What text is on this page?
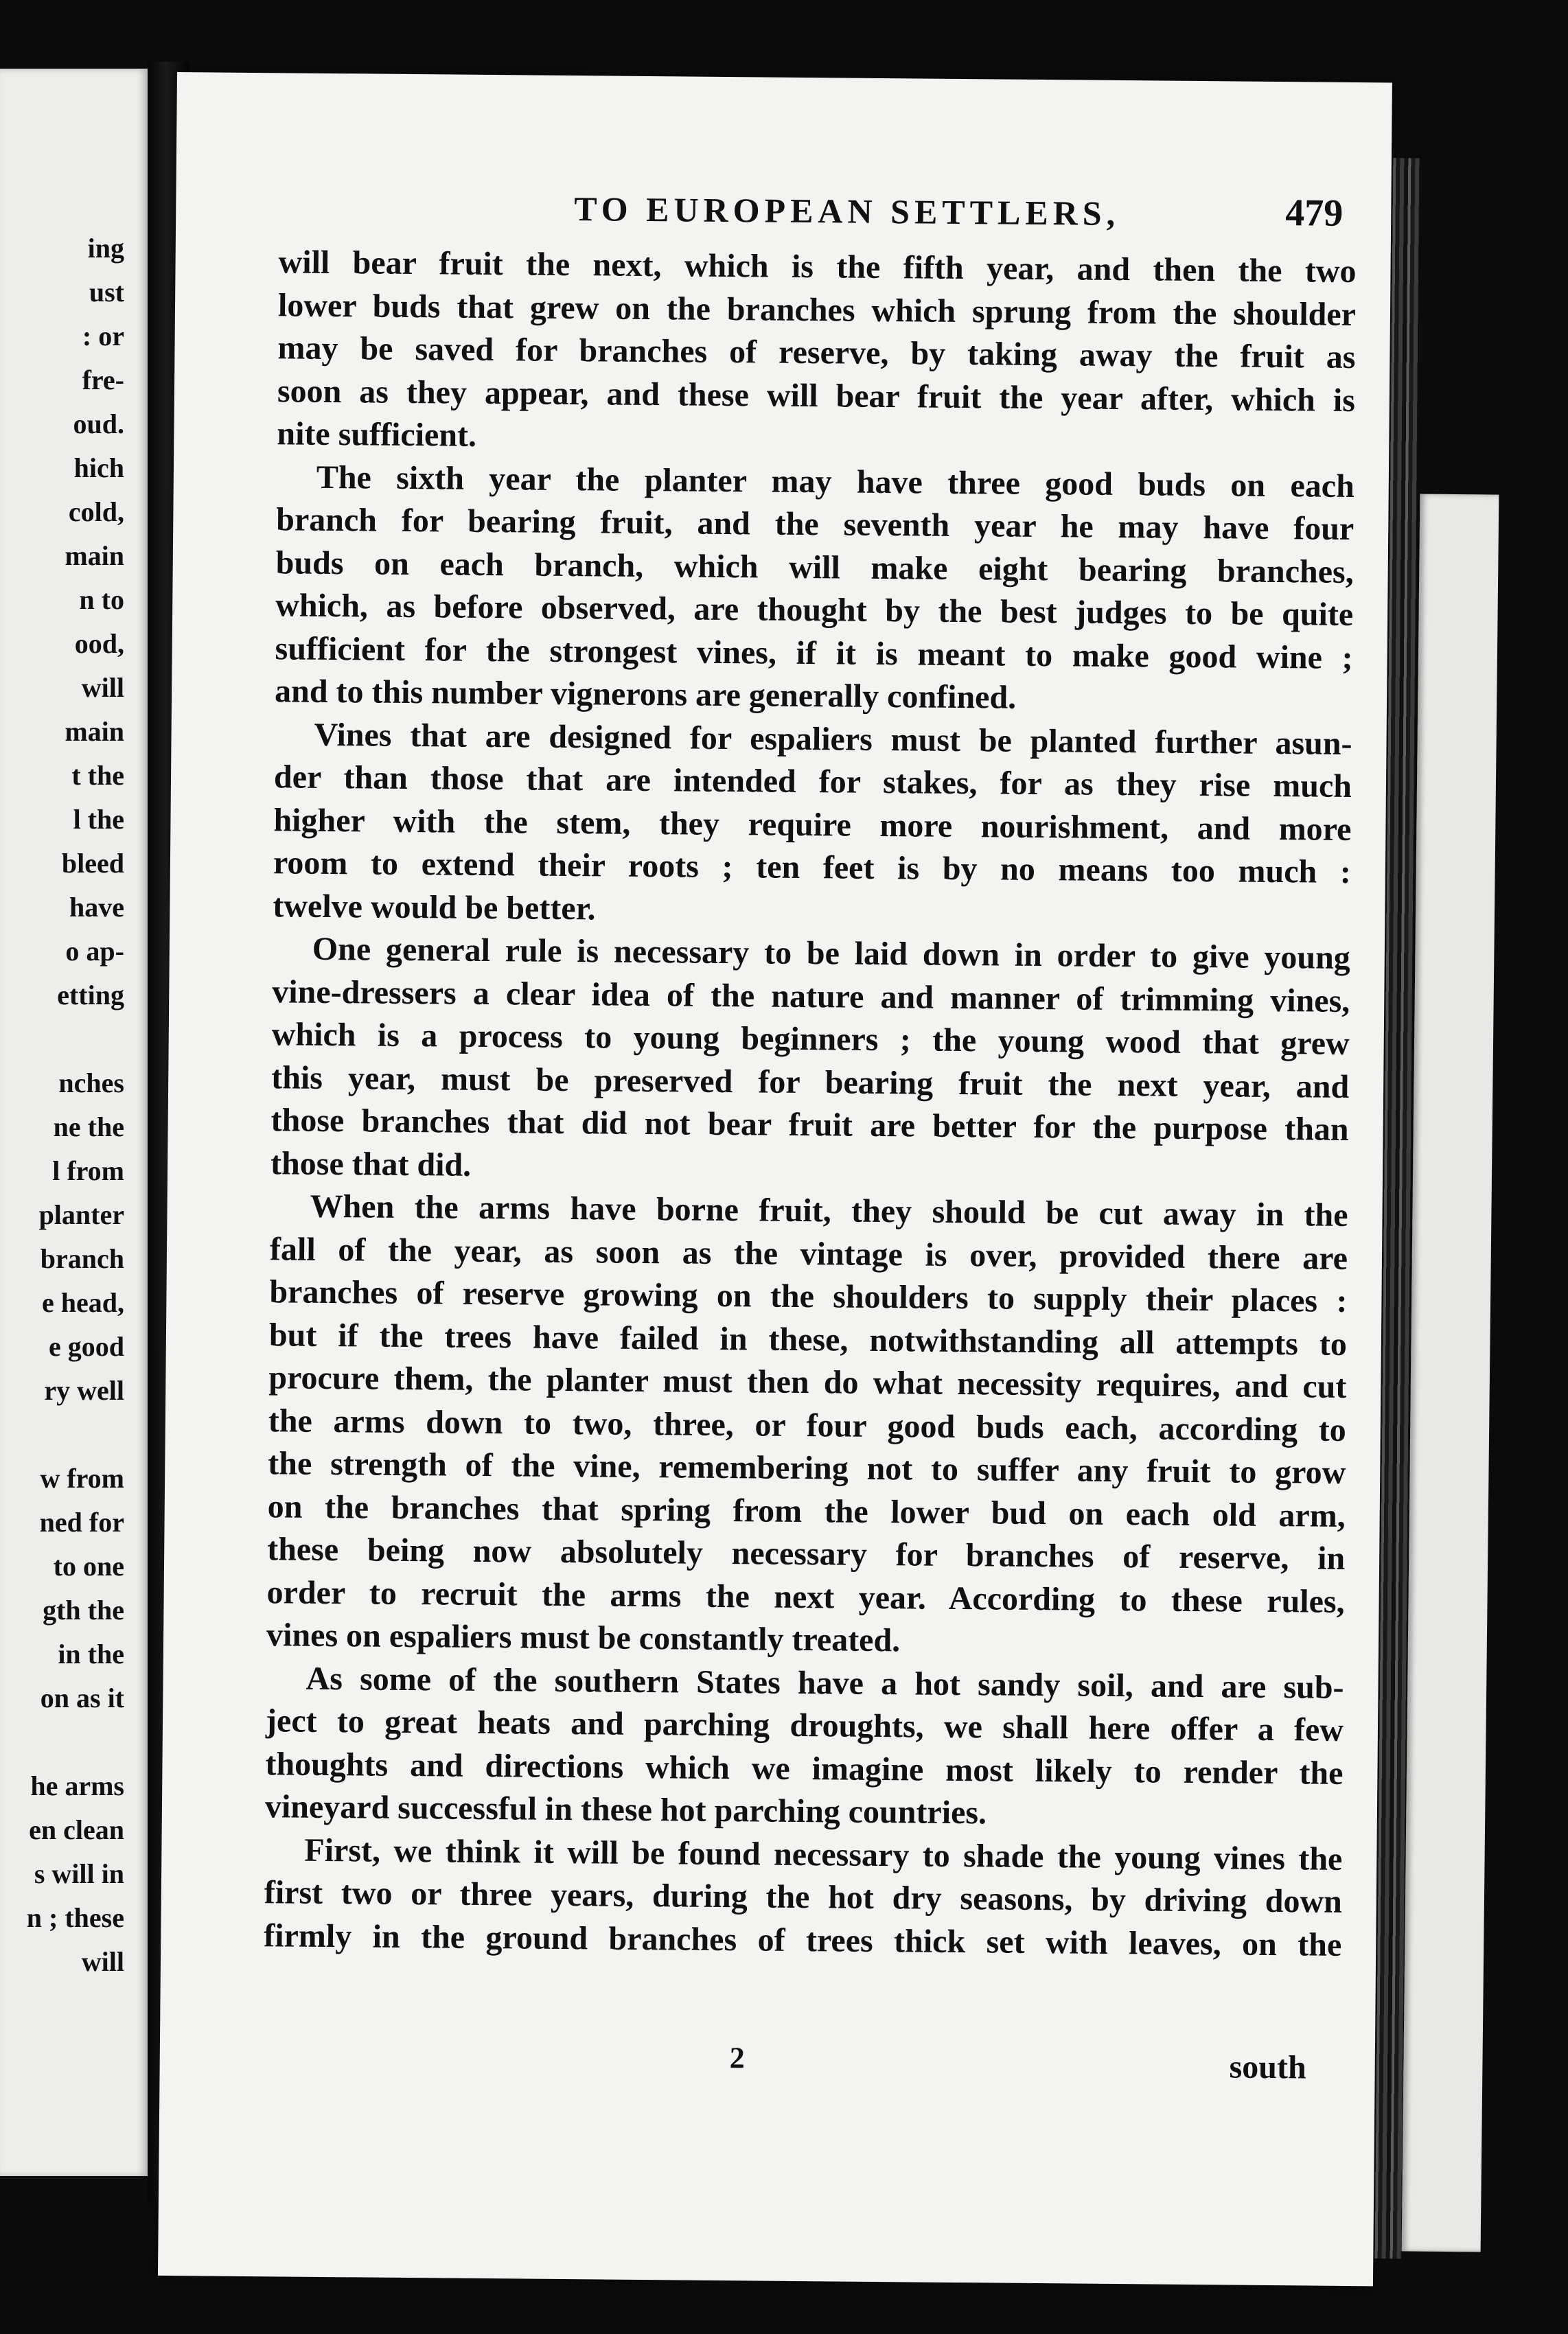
ing
ust
: or
fre-
oud.
hich
cold,
main
n to
ood,
will
main
t the
l the
bleed
have
o ap-
etting

nches
ne the
l from
planter
branch
e head,
e good
ry well

w from
ned for
to one
gth the
in the
on as it

he arms
en clean
s will in
n ; these
will
TO EUROPEAN SETTLERS,	479

will bear fruit the next, which is the fifth year, and then the two
lower buds that grew on the branches which sprung from the shoulder
may be saved for branches of reserve, by taking away the fruit as
soon as they appear, and these will bear fruit the year after, which is
nite sufficient.

The sixth year the planter may have three good buds on each
branch for bearing fruit, and the seventh year he may have four
buds on each branch, which will make eight bearing branches,
which, as before observed, are thought by the best judges to be quite
sufficient for the strongest vines, if it is meant to make good wine ;
and to this number vignerons are generally confined.

Vines that are designed for espaliers must be planted further asun-
der than those that are intended for stakes, for as they rise much
higher with the stem, they require more nourishment, and more
room to extend their roots ; ten feet is by no means too much :
twelve would be better.

One general rule is necessary to be laid down in order to give young
vine-dressers a clear idea of the nature and manner of trimming vines,
which is a process to young beginners ; the young wood that grew
this year, must be preserved for bearing fruit the next year, and
those branches that did not bear fruit are better for the purpose than
those that did.

When the arms have borne fruit, they should be cut away in the
fall of the year, as soon as the vintage is over, provided there are
branches of reserve growing on the shoulders to supply their places :
but if the trees have failed in these, notwithstanding all attempts to
procure them, the planter must then do what necessity requires, and cut
the arms down to two, three, or four good buds each, according to
the strength of the vine, remembering not to suffer any fruit to grow
on the branches that spring from the lower bud on each old arm,
these being now absolutely necessary for branches of reserve, in
order to recruit the arms the next year. According to these rules,
vines on espaliers must be constantly treated.

As some of the southern States have a hot sandy soil, and are sub-
ject to great heats and parching droughts, we shall here offer a few
thoughts and directions which we imagine most likely to render the
vineyard successful in these hot parching countries.

First, we think it will be found necessary to shade the young vines the
first two or three years, during the hot dry seasons, by driving down
firmly in the ground branches of trees thick set with leaves, on the

2	south
